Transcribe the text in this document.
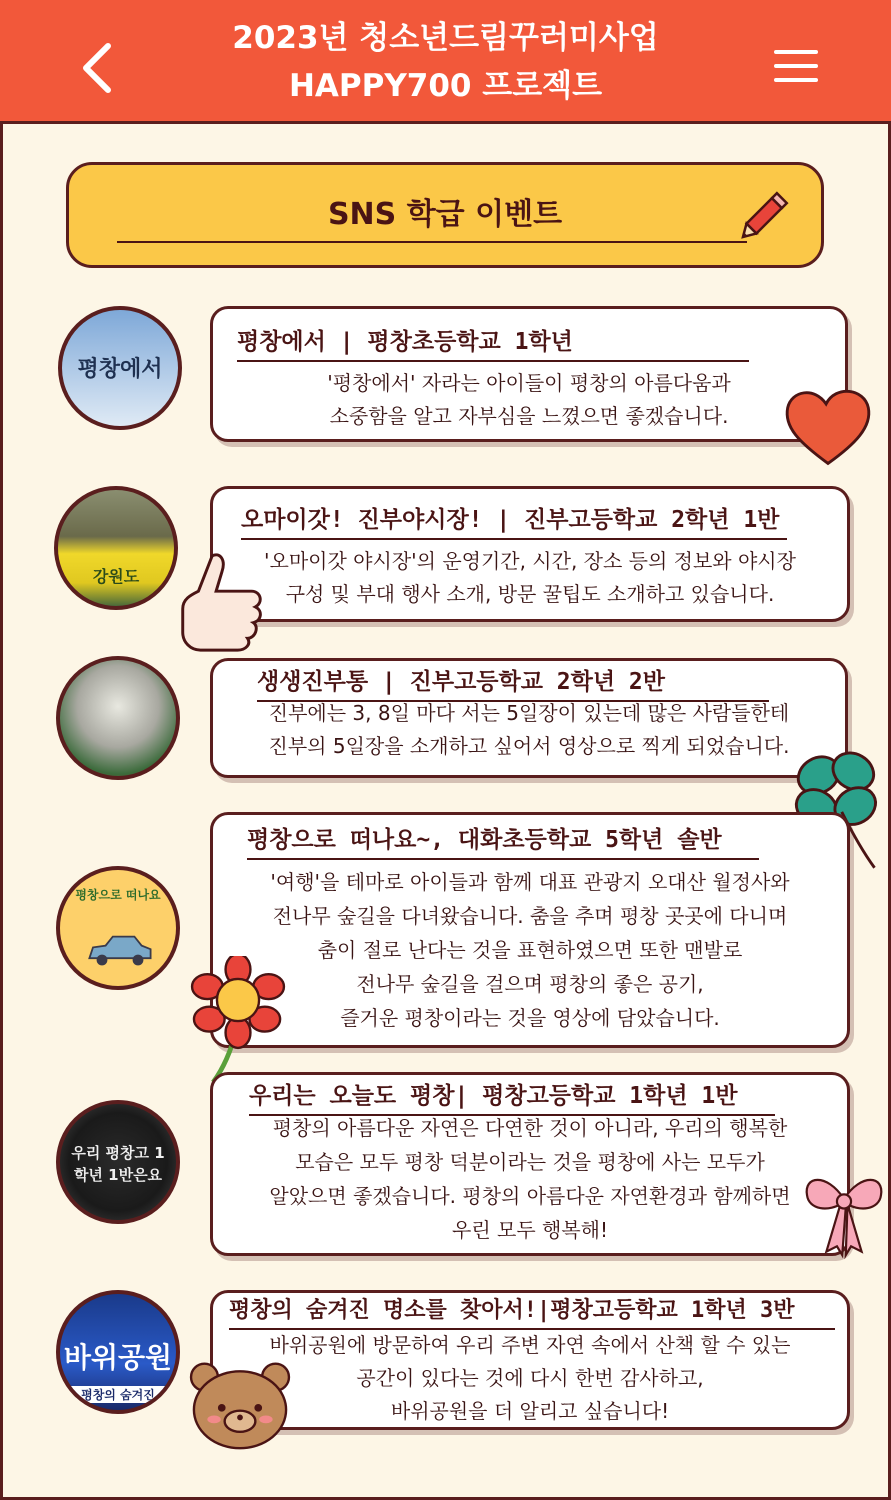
2023년 청소년드림꾸러미사업
HAPPY700 프로젝트
SNS 학급 이벤트
평창에서
평창에서 | 평창초등학교 1학년
'평창에서' 자라는 아이들이 평창의 아름다움과
소중함을 알고 자부심을 느꼈으면 좋겠습니다.
강원도
오마이갓! 진부야시장! | 진부고등학교 2학년 1반
'오마이갓 야시장'의 운영기간, 시간, 장소 등의 정보와 야시장
구성 및 부대 행사 소개, 방문 꿀팁도 소개하고 있습니다.
생생진부통 | 진부고등학교 2학년 2반
진부에는 3, 8일 마다 서는 5일장이 있는데 많은 사람들한테
진부의 5일장을 소개하고 싶어서 영상으로 찍게 되었습니다.
평창으로 떠나요
평창으로 떠나요~, 대화초등학교 5학년 솔반
'여행'을 테마로 아이들과 함께 대표 관광지 오대산 월정사와
전나무 숲길을 다녀왔습니다. 춤을 추며 평창 곳곳에 다니며
춤이 절로 난다는 것을 표현하였으면 또한 맨발로
전나무 숲길을 걸으며 평창의 좋은 공기,
즐거운 평창이라는 것을 영상에 담았습니다.
우리 평창고 1학년 1반은요
우리는 오늘도 평창| 평창고등학교 1학년 1반
평창의 아름다운 자연은 다연한 것이 아니라, 우리의 행복한
모습은 모두 평창 덕분이라는 것을 평창에 사는 모두가
알았으면 좋겠습니다. 평창의 아름다운 자연환경과 함께하면
우린 모두 행복해!
바위공원
평창의 숨겨진
평창의 숨겨진 명소를 찾아서!|평창고등학교 1학년 3반
바위공원에 방문하여 우리 주변 자연 속에서 산책 할 수 있는
공간이 있다는 것에 다시 한번 감사하고,
바위공원을 더 알리고 싶습니다!
